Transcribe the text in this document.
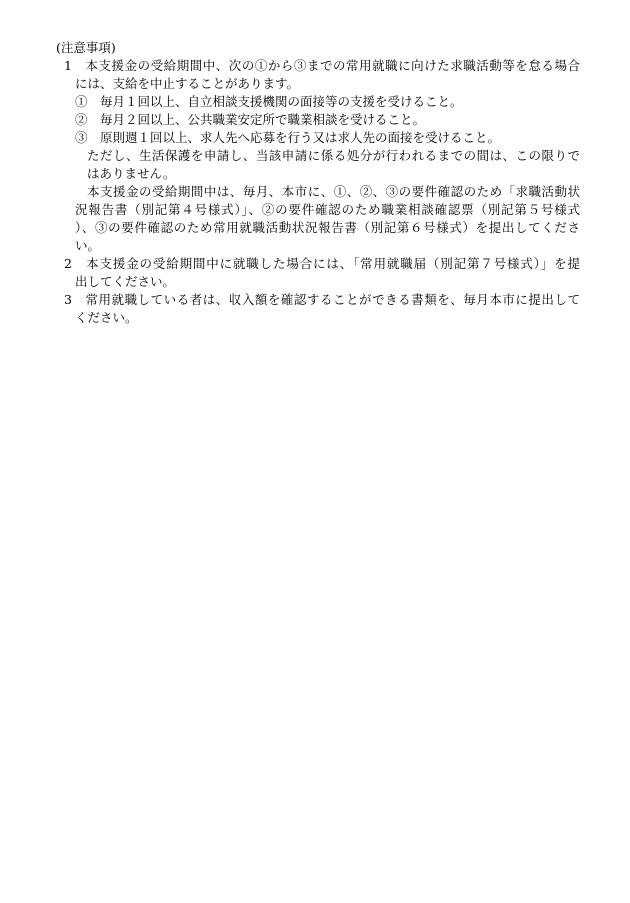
(注意事項)
1　本支援金の受給期間中、次の①から③までの常用就職に向けた求職活動等を怠る場合
には、支給を中止することがあります。
①　毎月１回以上、自立相談支援機関の面接等の支援を受けること。
②　毎月２回以上、公共職業安定所で職業相談を受けること。
③　原則週１回以上、求人先へ応募を行う又は求人先の面接を受けること。
ただし、生活保護を申請し、当該申請に係る処分が行われるまでの間は、この限りで
はありません。
本支援金の受給期間中は、毎月、本市に、①、②、③の要件確認のため「求職活動状
況報告書（別記第４号様式）」、②の要件確認のため職業相談確認票（別記第５号様式
）、③の要件確認のため常用就職活動状況報告書（別記第６号様式）を提出してくださ
い。
2　本支援金の受給期間中に就職した場合には、「常用就職届（別記第７号様式）」を提
出してください。
3　常用就職している者は、収入額を確認することができる書類を、毎月本市に提出して
ください。
